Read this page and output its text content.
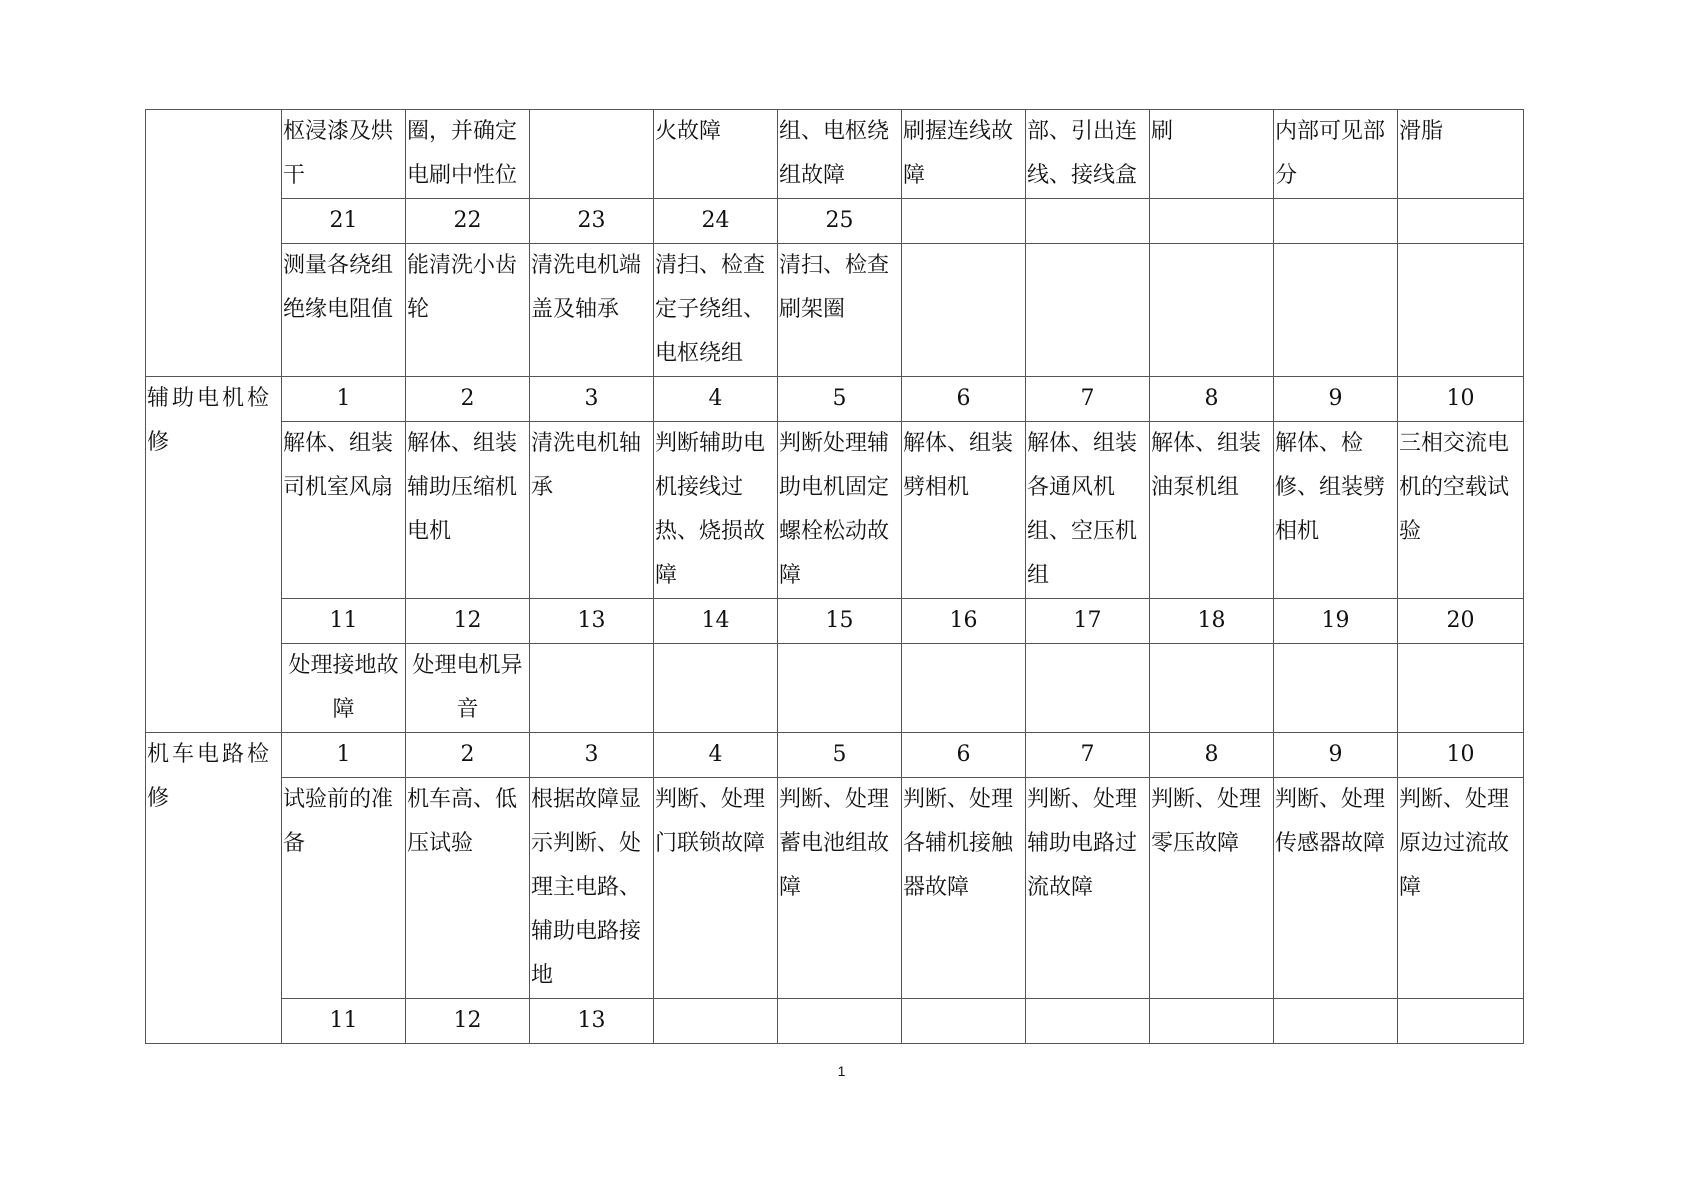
	枢浸漆及烘干	圈，并确定电刷中性位		火故障	组、电枢绕组故障	刷握连线故障	部、引出连线、接线盒	刷	内部可见部分	滑脂
	21	22	23	24	25					
	测量各绕组绝缘电阻值	能清洗小齿轮	清洗电机端盖及轴承	清扫、检查定子绕组、电枢绕组	清扫、检查刷架圈					
辅助电机检修	1	2	3	4	5	6	7	8	9	10
	解体、组装司机室风扇	解体、组装辅助压缩机电机	清洗电机轴承	判断辅助电机接线过热、烧损故障	判断处理辅助电机固定螺栓松动故障	解体、组装劈相机	解体、组装各通风机组、空压机组	解体、组装油泵机组	解体、检修、组装劈相机	三相交流电机的空载试验
	11	12	13	14	15	16	17	18	19	20
	处理接地故障	处理电机异音								
机车电路检修	1	2	3	4	5	6	7	8	9	10
	试验前的准备	机车高、低压试验	根据故障显示判断、处理主电路、辅助电路接地	判断、处理门联锁故障	判断、处理蓄电池组故障	判断、处理各辅机接触器故障	判断、处理辅助电路过流故障	判断、处理零压故障	判断、处理传感器故障	判断、处理原边过流故障
	11	12	13							
1
